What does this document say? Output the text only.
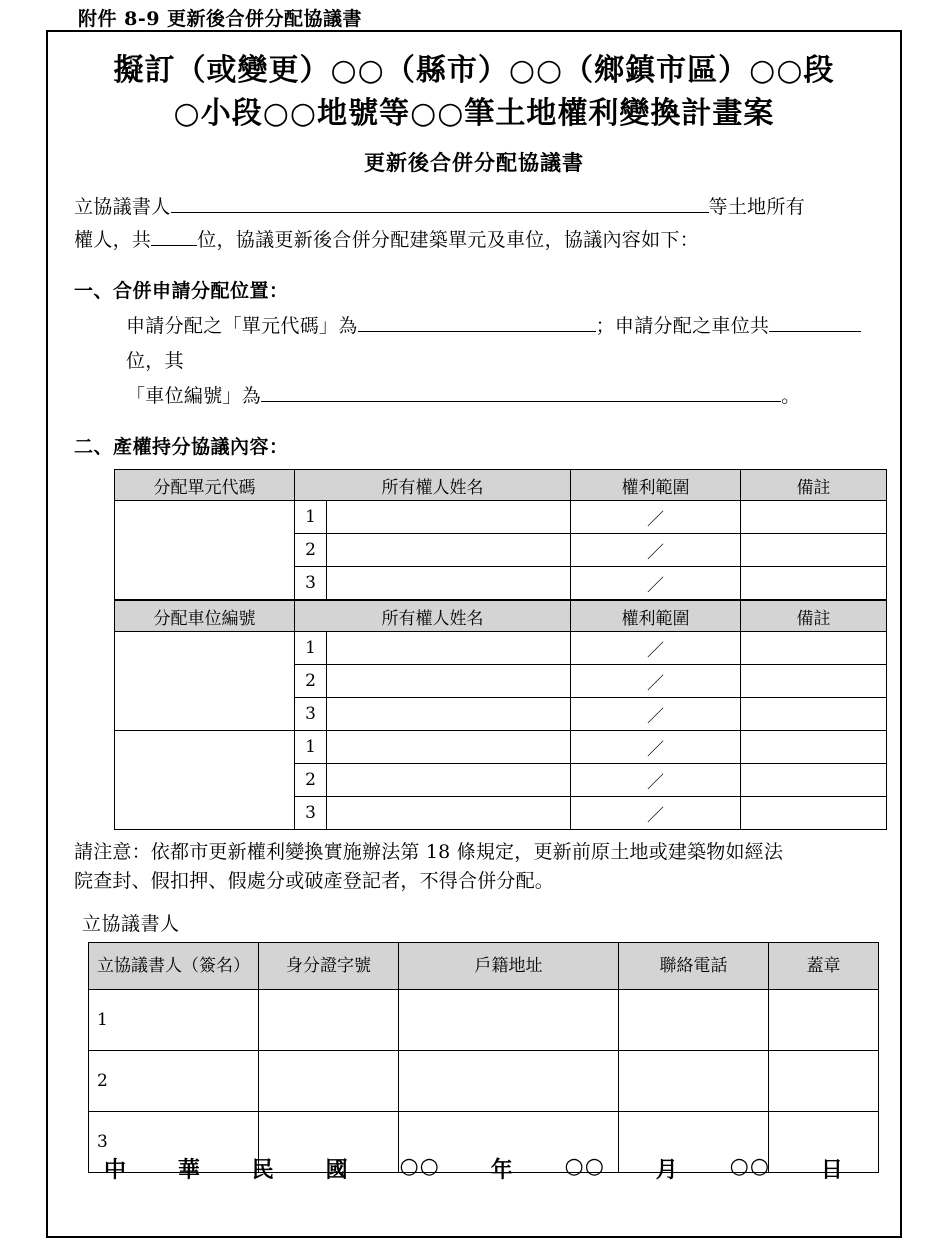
附件 8-9 更新後合併分配協議書
擬訂（或變更）○○（縣市）○○（鄉鎮市區）○○段
○小段○○地號等○○筆土地權利變換計畫案
更新後合併分配協議書
立協議書人	等土地所有
權人，共 位，協議更新後合併分配建築單元及車位，協議內容如下：
一、合併申請分配位置：
申請分配之「單元代碼」為	；申請分配之車位共位，其
「車位編號」為	。
二、產權持分協議內容：
分配單元代碼	所有權人姓名		權利範圍	備註
	1		／	
	2		／	
	3		／	
分配車位編號	所有權人姓名		權利範圍	備註
	1		／	
	2		／	
	3		／	
	1		／	
	2		／	
	3		／	
請注意：依都市更新權利變換實施辦法第 18 條規定，更新前原土地或建築物如經法
院查封、假扣押、假處分或破產登記者，不得合併分配。
立協議書人
立協議書人（簽名）	身分證字號	戶籍地址	聯絡電話	蓋章
1				
2				
3				
中 華 民 國 ○○ 年 ○○ 月 ○○ 日
